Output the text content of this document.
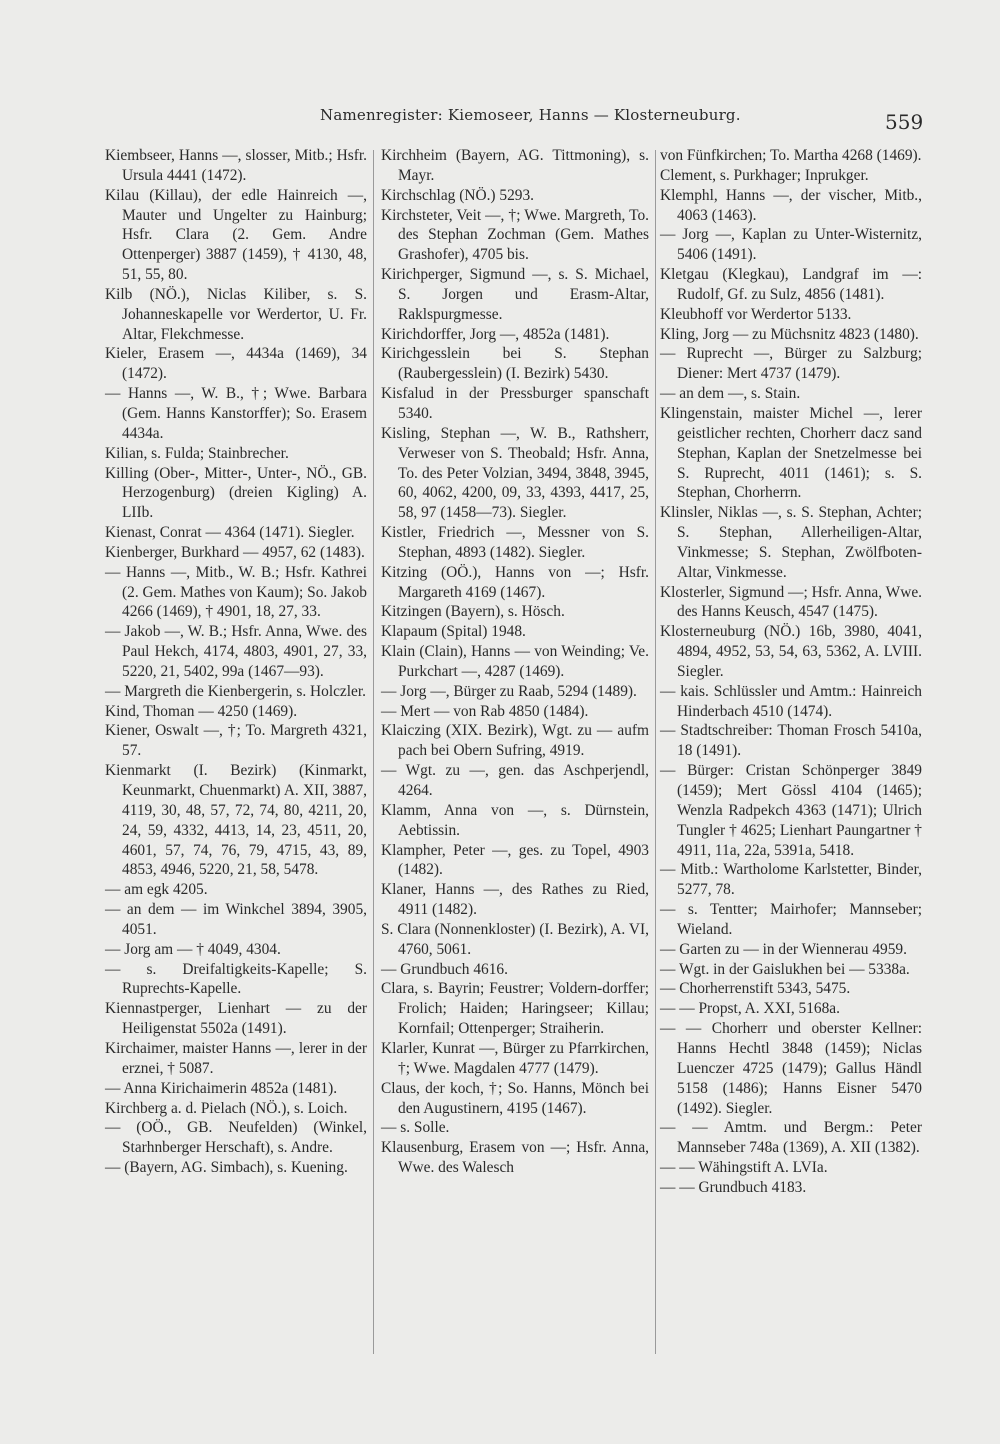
Namenregister: Kiemoseer, Hanns — Klosterneuburg.	559

Kiembseer, Hanns —, slosser, Mitb.; Hsfr. Ursula 4441 (1472).

Kilau (Killau), der edle Hainreich —, Mauter und Ungelter zu Hainburg; Hsfr. Clara (2. Gem. Andre Ottenperger) 3887 (1459), † 4130, 48, 51, 55, 80.

Kilb (NÖ.), Niclas Kiliber, s. S. Johanneskapelle vor Werdertor, U. Fr. Altar, Flekchmesse.

Kieler, Erasem —, 4434a (1469), 34 (1472).

— Hanns —, W. B., †; Wwe. Barbara (Gem. Hanns Kanstorffer); So. Erasem 4434a.

Kilian, s. Fulda; Stainbrecher.

Killing (Ober-, Mitter-, Unter-, NÖ., GB. Herzogenburg) (dreien Kigling) A. LIIb.

Kienast, Conrat — 4364 (1471). Siegler.

Kienberger, Burkhard — 4957, 62 (1483).

— Hanns —, Mitb., W. B.; Hsfr. Kathrei (2. Gem. Mathes von Kaum); So. Jakob 4266 (1469), † 4901, 18, 27, 33.

— Jakob —, W. B.; Hsfr. Anna, Wwe. des Paul Hekch, 4174, 4803, 4901, 27, 33, 5220, 21, 5402, 99a (1467—93).

— Margreth die Kienbergerin, s. Holczler.

Kind, Thoman — 4250 (1469).

Kiener, Oswalt —, †; To. Margreth 4321, 57.

Kienmarkt (I. Bezirk) (Kinmarkt, Keunmarkt, Chuenmarkt) A. XII, 3887, 4119, 30, 48, 57, 72, 74, 80, 4211, 20, 24, 59, 4332, 4413, 14, 23, 4511, 20, 4601, 57, 74, 76, 79, 4715, 43, 89, 4853, 4946, 5220, 21, 58, 5478.

— am egk 4205.

— an dem — im Winkchel 3894, 3905, 4051.

— Jorg am — † 4049, 4304.

— s. Dreifaltigkeits-Kapelle; S. Ruprechts-Kapelle.

Kiennastperger, Lienhart — zu der Heiligenstat 5502a (1491).

Kirchaimer, maister Hanns —, lerer in der erznei, † 5087.

— Anna Kirichaimerin 4852a (1481).

Kirchberg a. d. Pielach (NÖ.), s. Loich.

— (OÖ., GB. Neufelden) (Winkel, Starhnberger Herschaft), s. Andre.

— (Bayern, AG. Simbach), s. Kuening.

Kirchheim (Bayern, AG. Tittmoning), s. Mayr.

Kirchschlag (NÖ.) 5293.

Kirchsteter, Veit —, †; Wwe. Margreth, To. des Stephan Zochman (Gem. Mathes Grashofer), 4705 bis.

Kirichperger, Sigmund —, s. S. Michael, S. Jorgen und Erasm-Altar, Raklspurgmesse.

Kirichdorffer, Jorg —, 4852a (1481).

Kirichgesslein bei S. Stephan (Raubergesslein) (I. Bezirk) 5430.

Kisfalud in der Pressburger spanschaft 5340.

Kisling, Stephan —, W. B., Rathsherr, Verweser von S. Theobald; Hsfr. Anna, To. des Peter Volzian, 3494, 3848, 3945, 60, 4062, 4200, 09, 33, 4393, 4417, 25, 58, 97 (1458—73). Siegler.

Kistler, Friedrich —, Messner von S. Stephan, 4893 (1482). Siegler.

Kitzing (OÖ.), Hanns von —; Hsfr. Margareth 4169 (1467).

Kitzingen (Bayern), s. Hösch.

Klapaum (Spital) 1948.

Klain (Clain), Hanns — von Weinding; Ve. Purkchart —, 4287 (1469).

— Jorg —, Bürger zu Raab, 5294 (1489).

— Mert — von Rab 4850 (1484).

Klaiczing (XIX. Bezirk), Wgt. zu — aufm pach bei Obern Sufring, 4919.

— Wgt. zu —, gen. das Aschperjendl, 4264.

Klamm, Anna von —, s. Dürnstein, Aebtissin.

Klampher, Peter —, ges. zu Topel, 4903 (1482).

Klaner, Hanns —, des Rathes zu Ried, 4911 (1482).

S. Clara (Nonnenkloster) (I. Bezirk), A. VI, 4760, 5061.

— Grundbuch 4616.

Clara, s. Bayrin; Feustrer; Voldern-dorffer; Frolich; Haiden; Haringseer; Killau; Kornfail; Ottenperger; Straiherin.

Klarler, Kunrat —, Bürger zu Pfarrkirchen, †; Wwe. Magdalen 4777 (1479).

Claus, der koch, †; So. Hanns, Mönch bei den Augustinern, 4195 (1467).

— s. Solle.

Klausenburg, Erasem von —; Hsfr. Anna, Wwe. des Walesch

von Fünfkirchen; To. Martha 4268 (1469).

Clement, s. Purkhager; Inprukger.

Klemphl, Hanns —, der vischer, Mitb., 4063 (1463).

— Jorg —, Kaplan zu Unter-Wisternitz, 5406 (1491).

Kletgau (Klegkau), Landgraf im —: Rudolf, Gf. zu Sulz, 4856 (1481).

Kleubhoff vor Werdertor 5133.

Kling, Jorg — zu Müchsnitz 4823 (1480).

— Ruprecht —, Bürger zu Salzburg; Diener: Mert 4737 (1479).

— an dem —, s. Stain.

Klingenstain, maister Michel —, lerer geistlicher rechten, Chorherr dacz sand Stephan, Kaplan der Snetzelmesse bei S. Ruprecht, 4011 (1461); s. S. Stephan, Chorherrn.

Klinsler, Niklas —, s. S. Stephan, Achter; S. Stephan, Allerheiligen-Altar, Vinkmesse; S. Stephan, Zwölfboten-Altar, Vinkmesse.

Klosterler, Sigmund —; Hsfr. Anna, Wwe. des Hanns Keusch, 4547 (1475).

Klosterneuburg (NÖ.) 16b, 3980, 4041, 4894, 4952, 53, 54, 63, 5362, A. LVIII. Siegler.

— kais. Schlüssler und Amtm.: Hainreich Hinderbach 4510 (1474).

— Stadtschreiber: Thoman Frosch 5410a, 18 (1491).

— Bürger: Cristan Schönperger 3849 (1459); Mert Gössl 4104 (1465); Wenzla Radpekch 4363 (1471); Ulrich Tungler † 4625; Lienhart Paungartner † 4911, 11a, 22a, 5391a, 5418.

— Mitb.: Wartholome Karlstetter, Binder, 5277, 78.

— s. Tentter; Mairhofer; Mannseber; Wieland.

— Garten zu — in der Wiennerau 4959.

— Wgt. in der Gaislukhen bei — 5338a.

— Chorherrenstift 5343, 5475.

— — Propst, A. XXI, 5168a.

— — Chorherr und oberster Kellner: Hanns Hechtl 3848 (1459); Niclas Luenczer 4725 (1479); Gallus Händl 5158 (1486); Hanns Eisner 5470 (1492). Siegler.

— — Amtm. und Bergm.: Peter Mannseber 748a (1369), A. XII (1382).

— — Wähingstift A. LVIa.

— — Grundbuch 4183.
